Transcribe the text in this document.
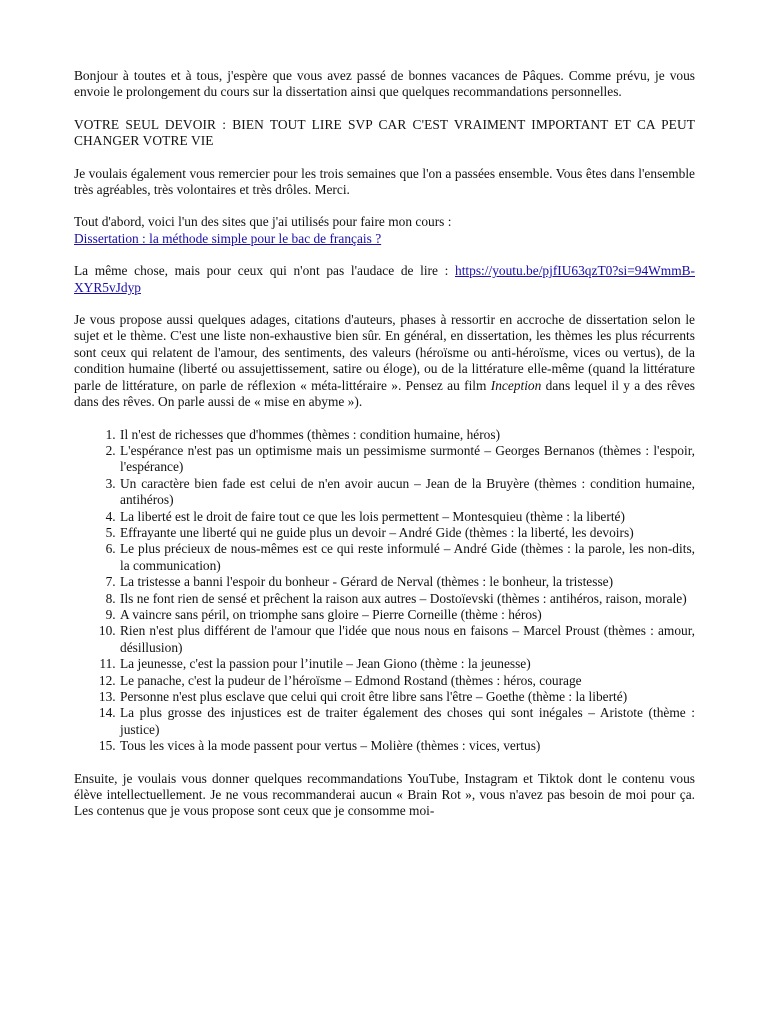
Bonjour à toutes et à tous, j'espère que vous avez passé de bonnes vacances de Pâques. Comme prévu, je vous envoie le prolongement du cours sur la dissertation ainsi que quelques recommandations personnelles.

VOTRE SEUL DEVOIR : BIEN TOUT LIRE SVP CAR C'EST VRAIMENT IMPORTANT ET CA PEUT CHANGER VOTRE VIE

Je voulais également vous remercier pour les trois semaines que l'on a passées ensemble. Vous êtes dans l'ensemble très agréables, très volontaires et très drôles. Merci.

Tout d'abord, voici l'un des sites que j'ai utilisés pour faire mon cours :
Dissertation : la méthode simple pour le bac de français ?

La même chose, mais pour ceux qui n'ont pas l'audace de lire : https://youtu.be/pjfIU63qzT0?si=94WmmB-XYR5vJdyp

Je vous propose aussi quelques adages, citations d'auteurs, phases à ressortir en accroche de dissertation selon le sujet et le thème. C'est une liste non-exhaustive bien sûr. En général, en dissertation, les thèmes les plus récurrents sont ceux qui relatent de l'amour, des sentiments, des valeurs (héroïsme ou anti-héroïsme, vices ou vertus), de la condition humaine (liberté ou assujettissement, satire ou éloge), ou de la littérature elle-même (quand la littérature parle de littérature, on parle de réflexion « méta-littéraire ». Pensez au film Inception dans lequel il y a des rêves dans des rêves. On parle aussi de « mise en abyme »).

1. Il n'est de richesses que d'hommes (thèmes : condition humaine, héros)
2. L'espérance n'est pas un optimisme mais un pessimisme surmonté – Georges Bernanos (thèmes : l'espoir, l'espérance)
3. Un caractère bien fade est celui de n'en avoir aucun – Jean de la Bruyère (thèmes : condition humaine, antihéros)
4. La liberté est le droit de faire tout ce que les lois permettent – Montesquieu (thème : la liberté)
5. Effrayante une liberté qui ne guide plus un devoir – André Gide (thèmes : la liberté, les devoirs)
6. Le plus précieux de nous-mêmes est ce qui reste informulé – André Gide (thèmes : la parole, les non-dits, la communication)
7. La tristesse a banni l'espoir du bonheur - Gérard de Nerval (thèmes : le bonheur, la tristesse)
8. Ils ne font rien de sensé et prêchent la raison aux autres – Dostoïevski (thèmes : antihéros, raison, morale)
9. A vaincre sans péril, on triomphe sans gloire – Pierre Corneille (thème : héros)
10. Rien n'est plus différent de l'amour que l'idée que nous nous en faisons – Marcel Proust (thèmes : amour, désillusion)
11. La jeunesse, c'est la passion pour l’inutile – Jean Giono (thème : la jeunesse)
12. Le panache, c'est la pudeur de l’héroïsme – Edmond Rostand (thèmes : héros, courage
13. Personne n'est plus esclave que celui qui croit être libre sans l'être – Goethe (thème : la liberté)
14. La plus grosse des injustices est de traiter également des choses qui sont inégales – Aristote (thème : justice)
15. Tous les vices à la mode passent pour vertus – Molière (thèmes : vices, vertus)

Ensuite, je voulais vous donner quelques recommandations YouTube, Instagram et Tiktok dont le contenu vous élève intellectuellement. Je ne vous recommanderai aucun « Brain Rot », vous n'avez pas besoin de moi pour ça. Les contenus que je vous propose sont ceux que je consomme moi-
